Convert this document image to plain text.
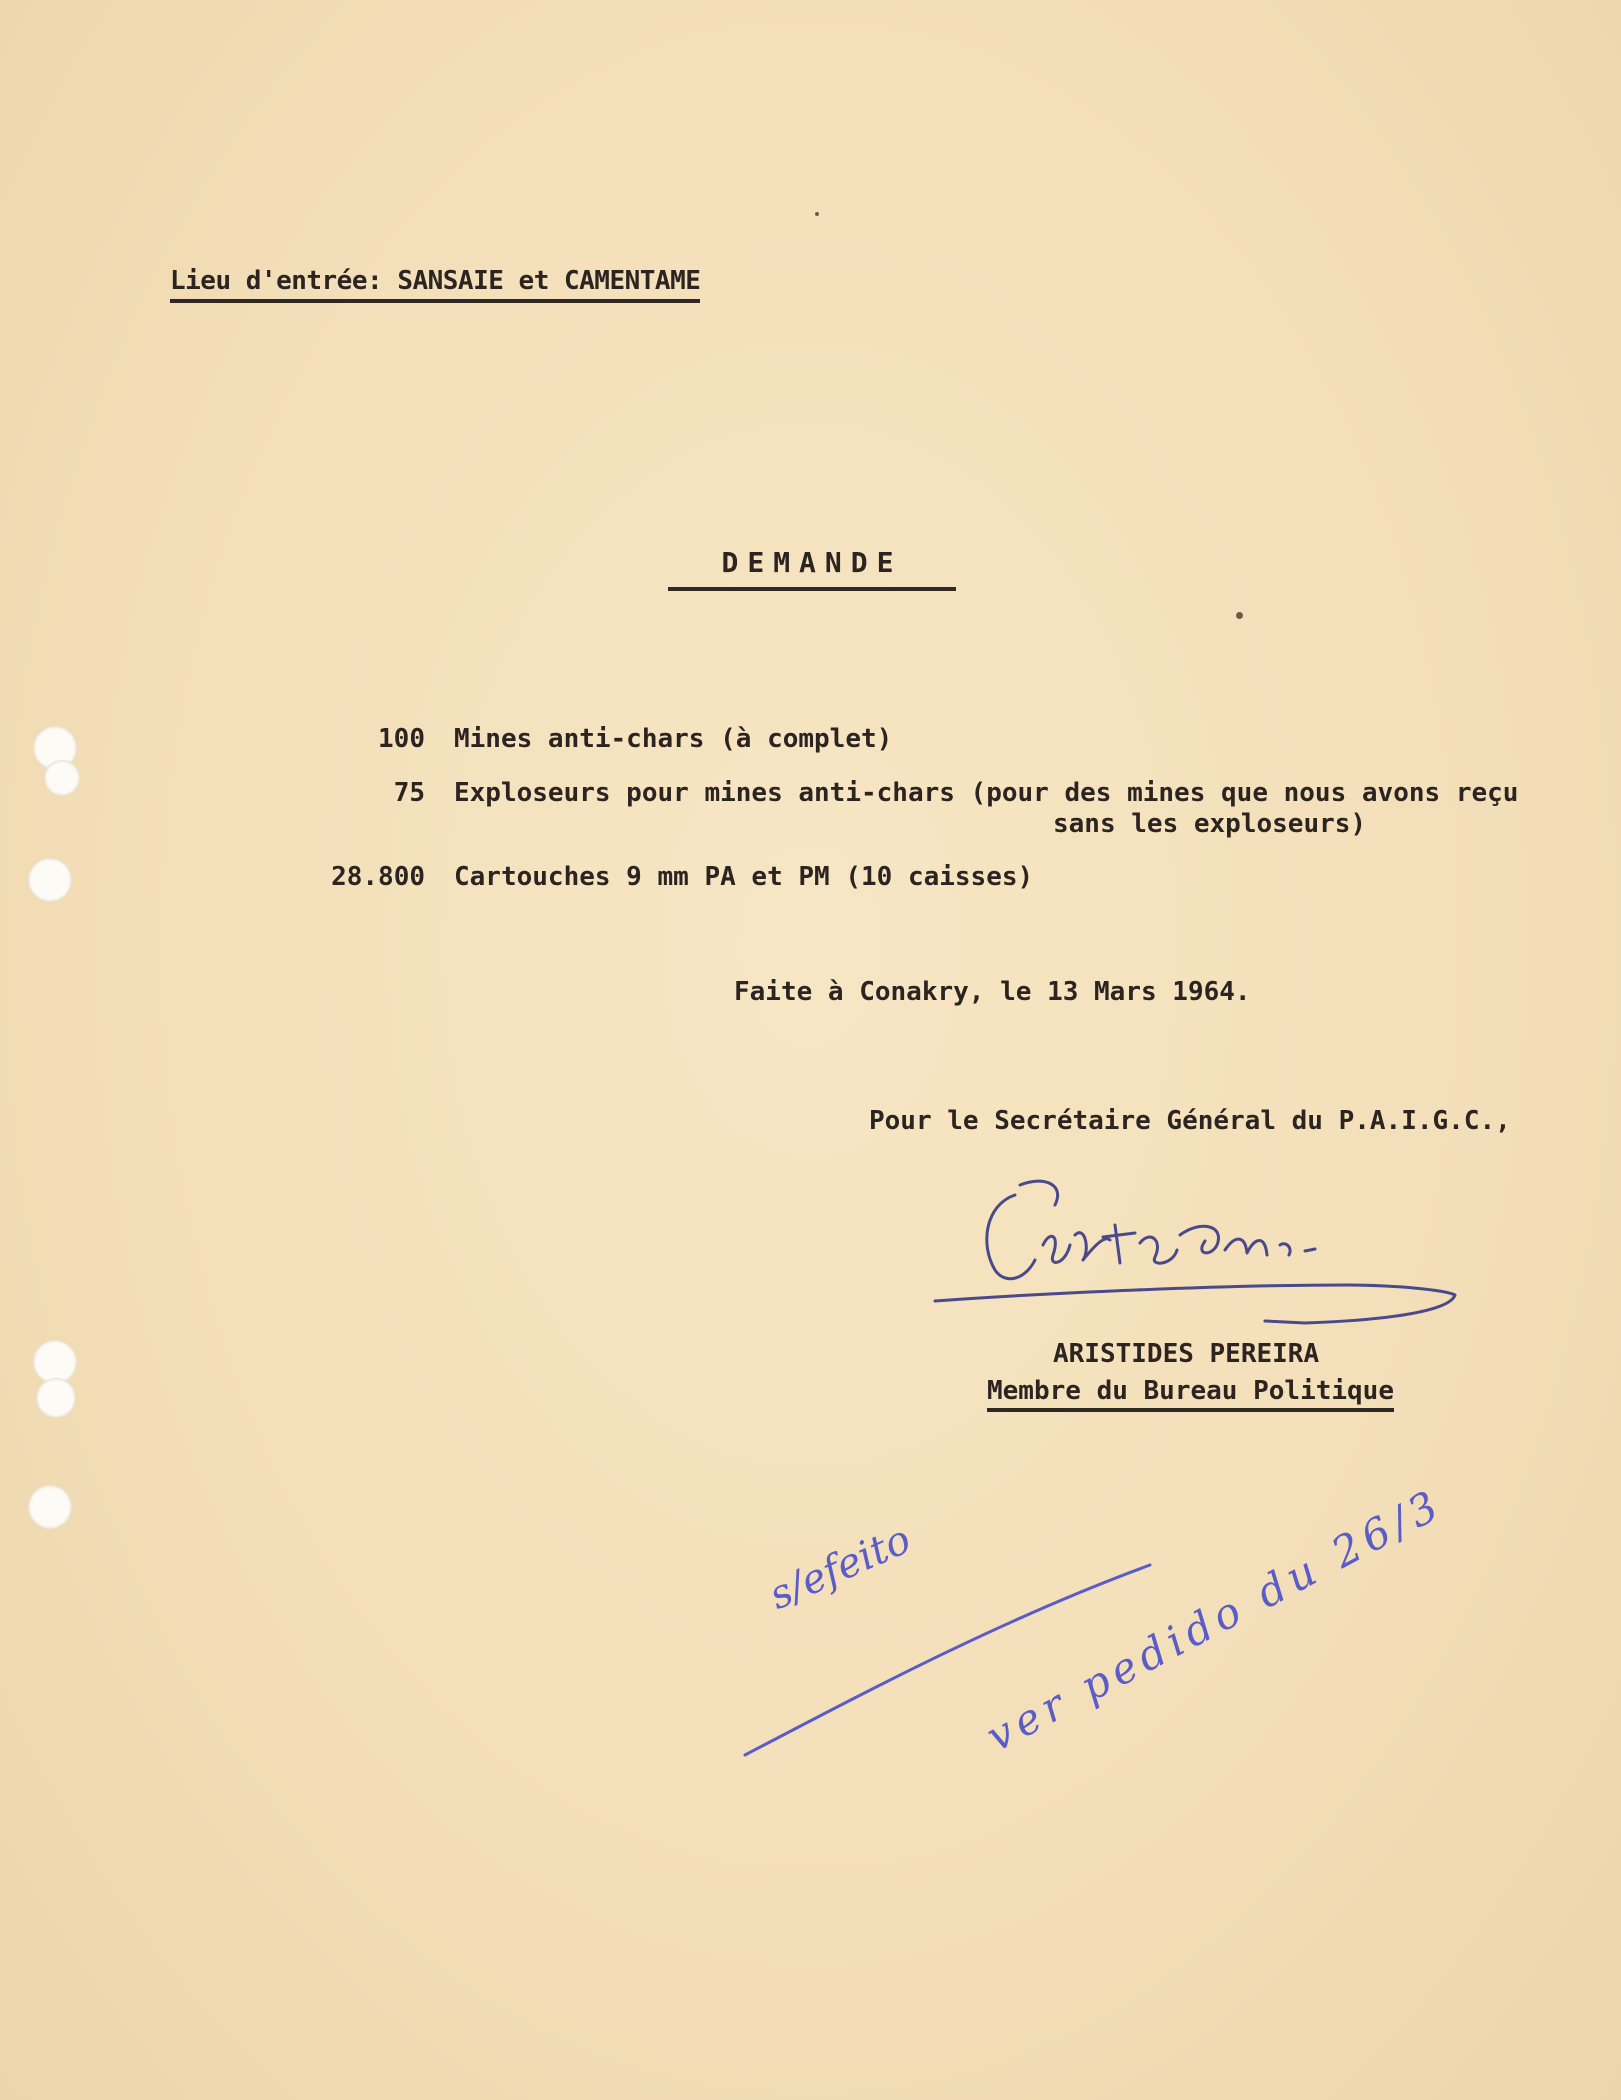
Lieu d'entrée: SANSAIE et CAMENTAME
DEMANDE
100 Mines anti-chars (à complet)
75 Exploseurs pour mines anti-chars (pour des mines que nous avons reçu
sans les exploseurs)
28.800 Cartouches 9 mm PA et PM (10 caisses)
Faite à Conakry, le 13 Mars 1964.
Pour le Secrétaire Général du P.A.I.G.C.,
ARISTIDES PEREIRA
Membre du Bureau Politique
s/efeito ver pedido du 26/3
